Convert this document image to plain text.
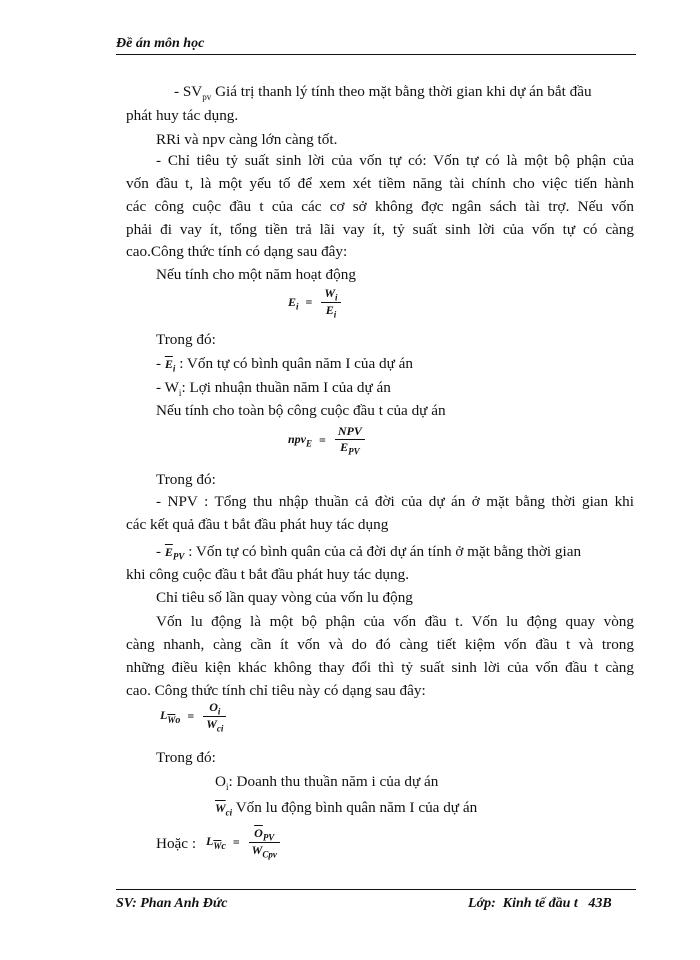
Đề án môn học
- $SV_{pv}$ Giá trị thanh lý tính theo mặt bằng thời gian khi dự án bắt đầu
phát huy tác dụng.
RRi và npv càng lớn càng tốt.
- Chỉ tiêu tỷ suất sinh lời của vốn tự có: Vốn tự có là một bộ phận của
vốn đầu t, là một yếu tố để xem xét tiềm năng tài chính cho việc tiến hành
các công cuộc đầu t của các cơ sở không đợc ngân sách tài trợ. Nếu vốn
phải đi vay ít, tổng tiền trả lãi vay ít, tỷ suất sinh lời của vốn tự có càng
cao.Công thức tính có dạng sau đây:
Nếu tính cho một năm hoạt động
$E_i = \frac{W_i}{\overline{E}_i}$
Trong đó:
- $\overline{E}_i$ : Vốn tự có bình quân năm I của dự án
- $W_i$: Lợi nhuận thuần năm I của dự án
Nếu tính cho toàn bộ công cuộc đầu t của dự án
$npv_E = \frac{\text{NPV}}{\overline{E}_{PV}}$
Trong đó:
- NPV : Tổng thu nhập thuần cả đời của dự án ở mặt bằng thời gian khi
các kết quả đầu t bắt đầu phát huy tác dụng
- $\overline{E}_{PV}$ : Vốn tự có bình quân của cả đời dự án tính ở mặt bằng thời gian
khi công cuộc đầu t bắt đầu phát huy tác dụng.
Chỉ tiêu số lần quay vòng của vốn lu động
Vốn lu động là một bộ phận của vốn đầu t. Vốn lu động quay vòng
càng nhanh, càng cần ít vốn và do đó càng tiết kiệm vốn đầu t và trong
những điều kiện khác không thay đổi thì tỷ suất sinh lời của vốn đầu t càng
cao. Công thức tính chỉ tiêu này có dạng sau đây:
$L_{\overline{W}o} = \frac{O_i}{\overline{W}_{ci}}$
Trong đó:
$O_i$: Doanh thu thuần năm i của dự án
$\overline{W}_{ci}$ Vốn lu động bình quân năm I của dự án
Hoặc : $L_{\overline{W}c} = \frac{\overline{O}_{PV}}{\overline{W}_{Cpv}}$
SV: Phan Anh Đức	Lớp: Kinh tế đầu t 43B
